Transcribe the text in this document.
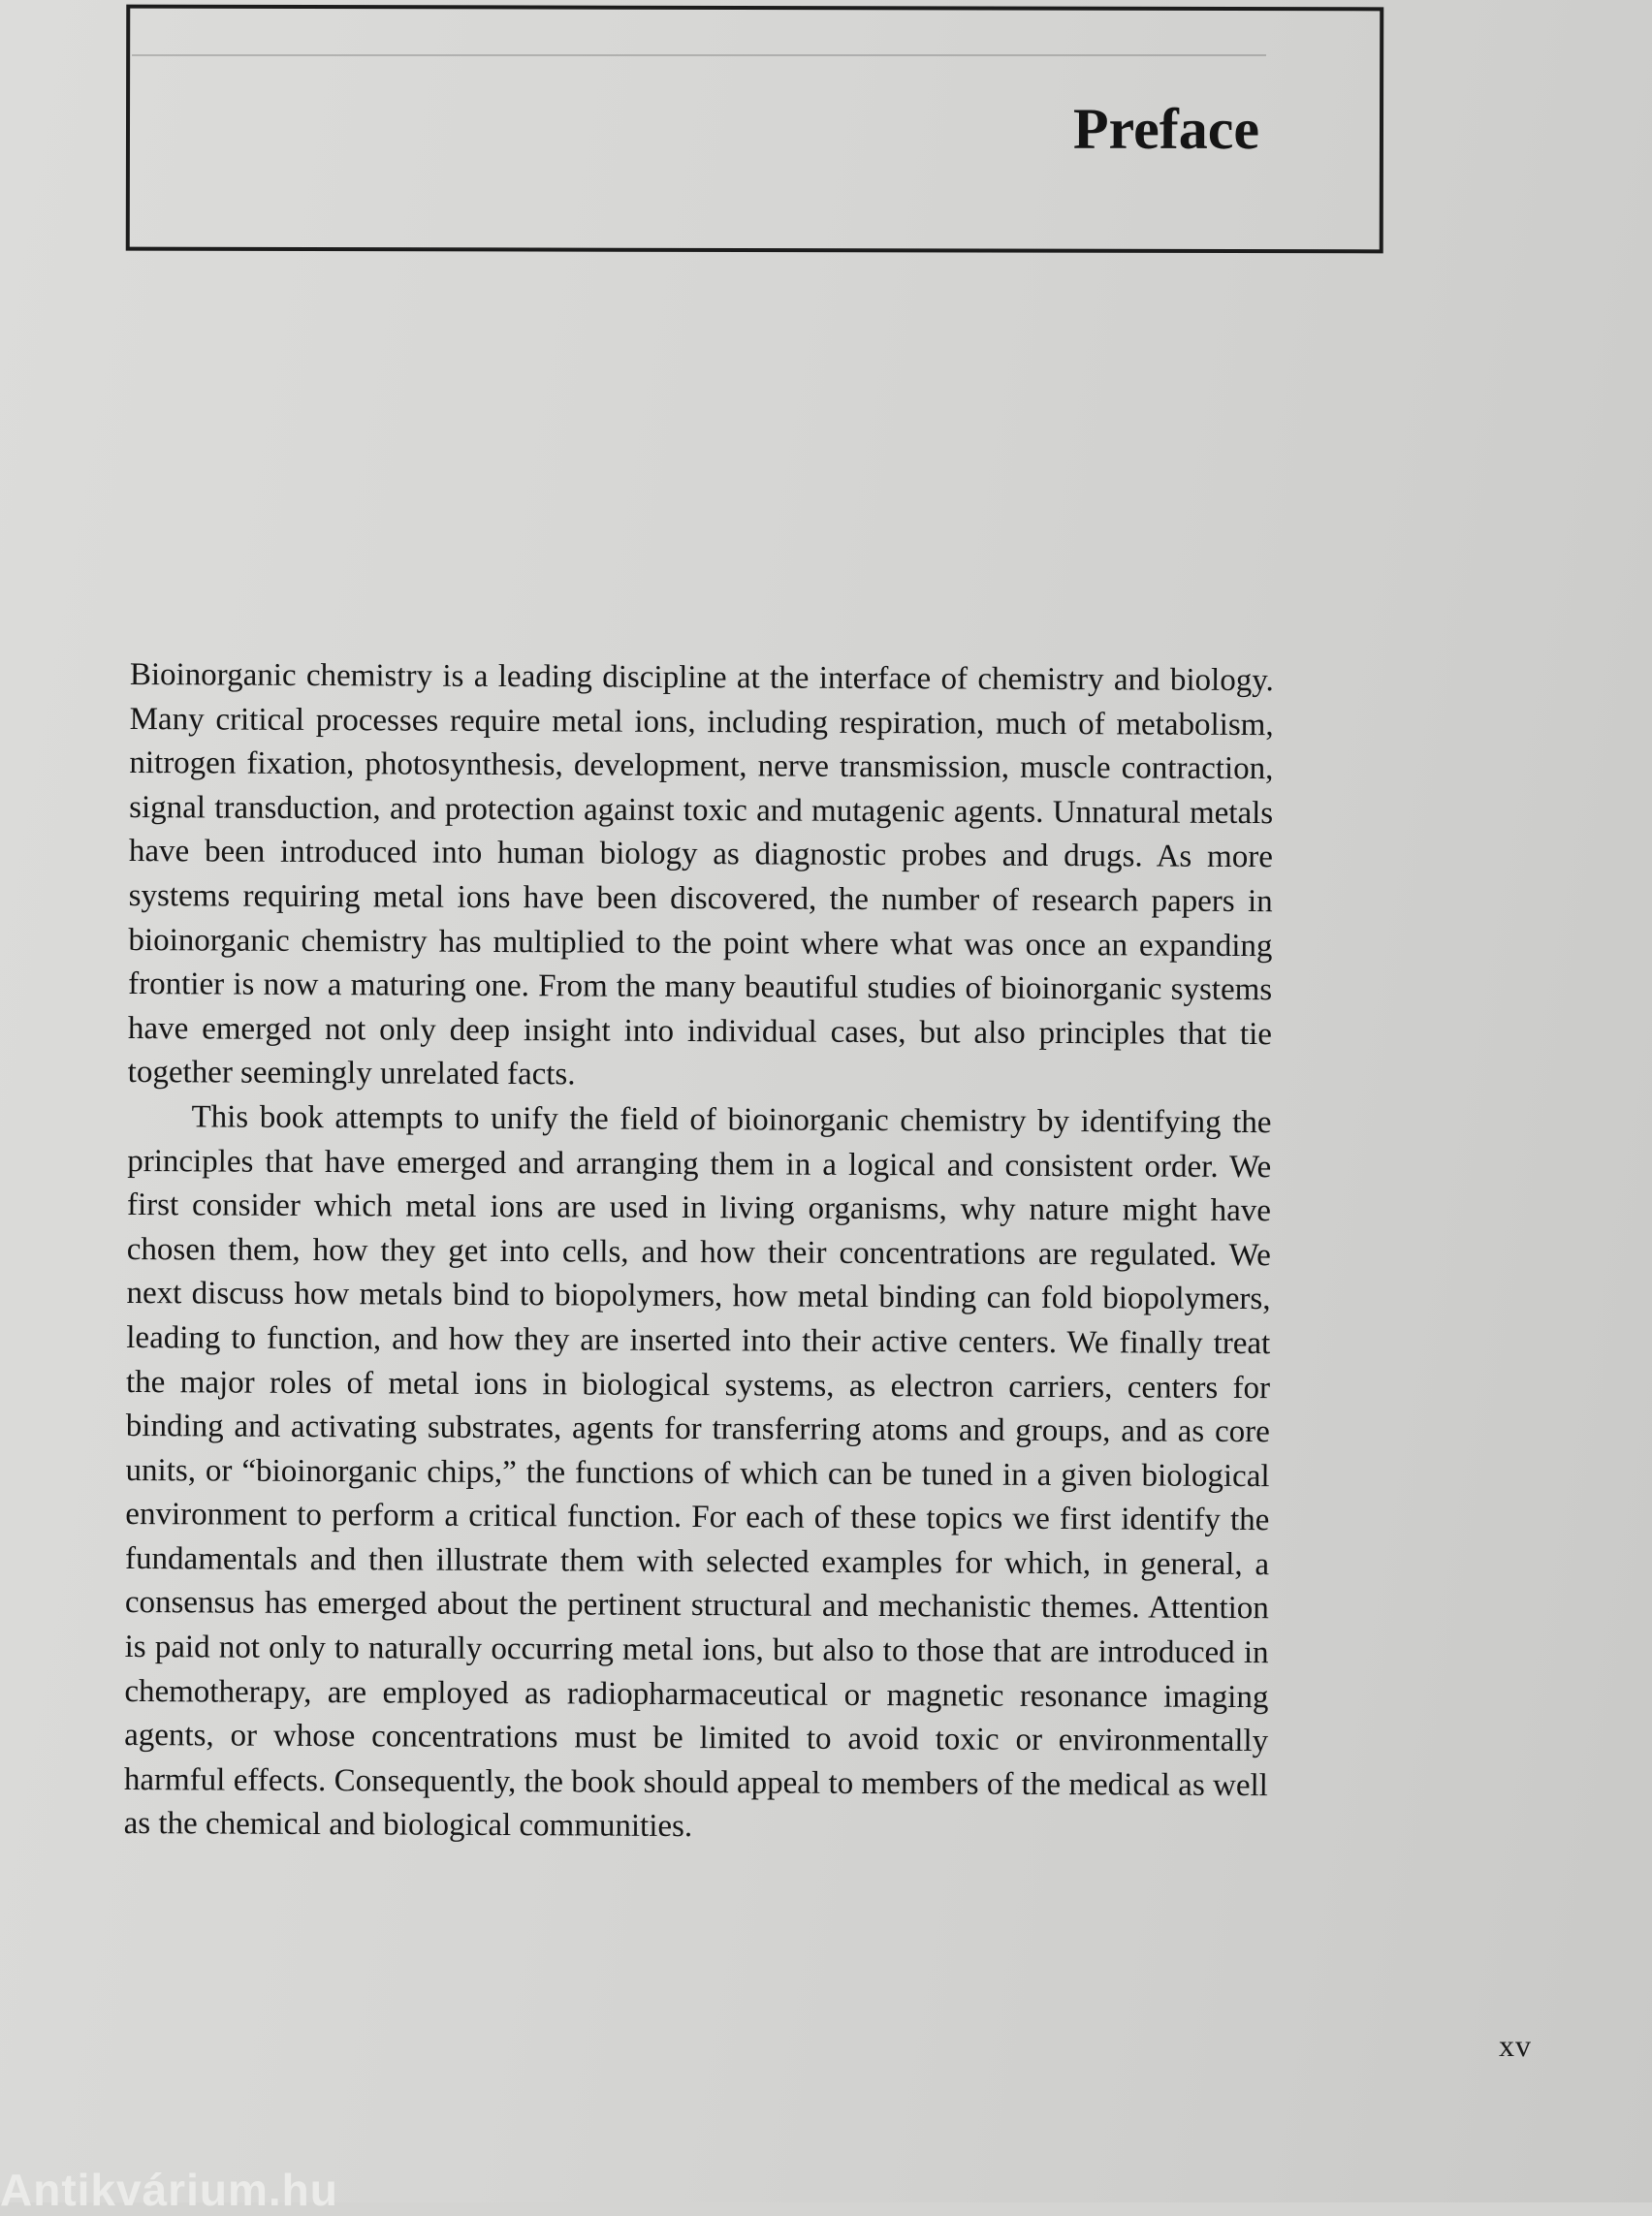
Preface

Bioinorganic chemistry is a leading discipline at the interface of chemistry and biology. Many critical processes require metal ions, including respiration, much of metabolism, nitrogen fixation, photosynthesis, development, nerve transmission, muscle contraction, signal transduction, and protection against toxic and mutagenic agents. Unnatural metals have been introduced into human biology as diagnostic probes and drugs. As more systems requiring metal ions have been discovered, the number of research papers in bioinorganic chemistry has multiplied to the point where what was once an expanding frontier is now a maturing one. From the many beautiful studies of bioinorganic systems have emerged not only deep insight into individual cases, but also principles that tie together seemingly unrelated facts.

This book attempts to unify the field of bioinorganic chemistry by identifying the principles that have emerged and arranging them in a logical and consistent order. We first consider which metal ions are used in living organisms, why nature might have chosen them, how they get into cells, and how their concentrations are regulated. We next discuss how metals bind to biopolymers, how metal binding can fold biopolymers, leading to function, and how they are inserted into their active centers. We finally treat the major roles of metal ions in biological systems, as electron carriers, centers for binding and activating substrates, agents for transferring atoms and groups, and as core units, or “bioinorganic chips,” the functions of which can be tuned in a given biological environment to perform a critical function. For each of these topics we first identify the fundamentals and then illustrate them with selected examples for which, in general, a consensus has emerged about the pertinent structural and mechanistic themes. Attention is paid not only to naturally occurring metal ions, but also to those that are introduced in chemotherapy, are employed as radiopharmaceutical or magnetic resonance imaging agents, or whose concentrations must be limited to avoid toxic or environmentally harmful effects. Consequently, the book should appeal to members of the medical as well as the chemical and biological communities.

xv
Antikvárium.hu
